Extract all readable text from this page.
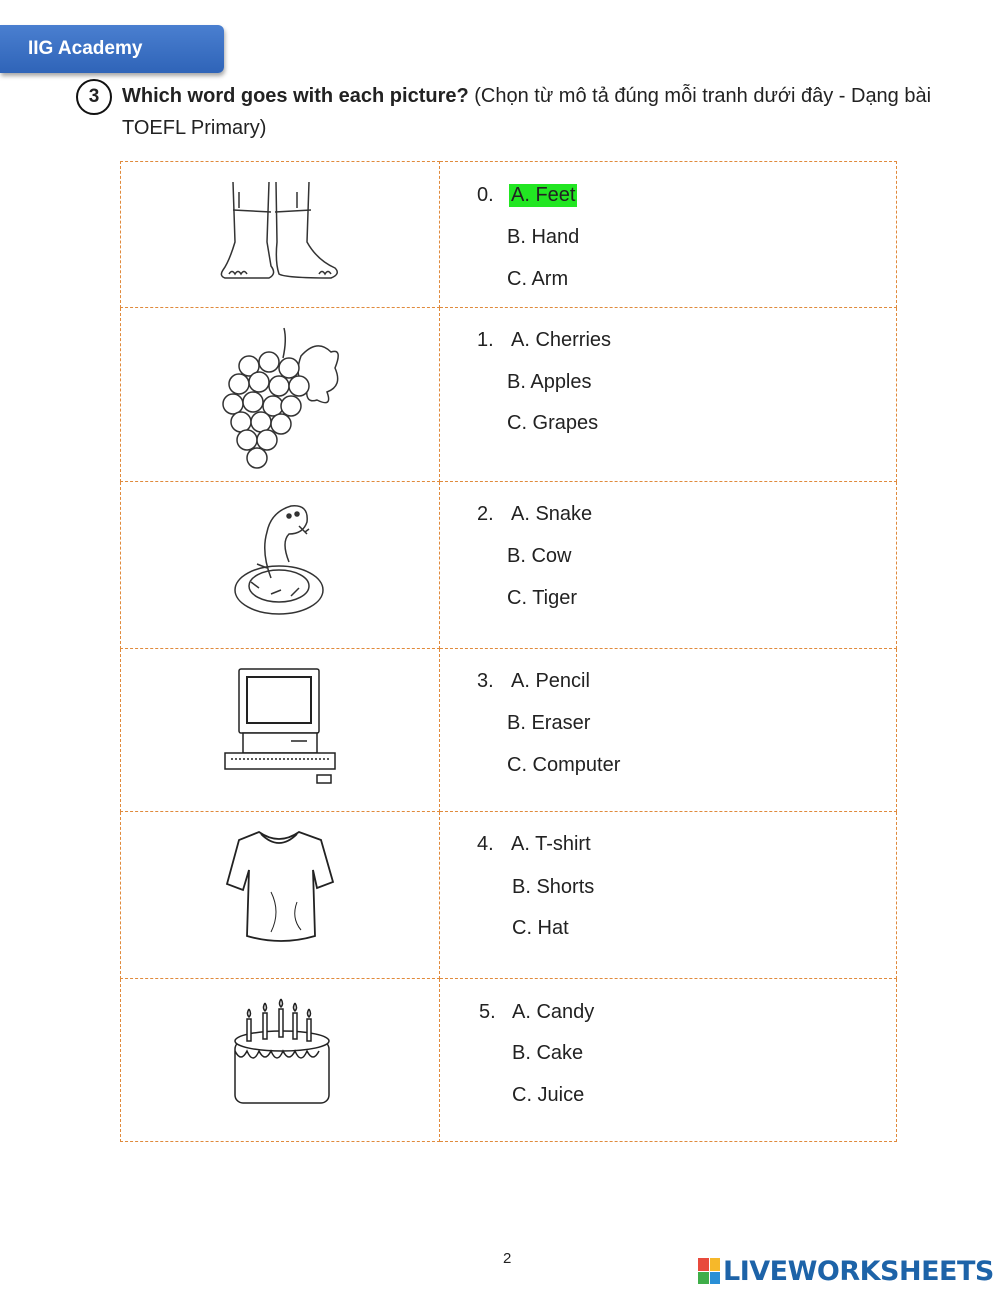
IIG Academy
3	Which word goes with each picture? (Chọn từ mô tả đúng mỗi tranh dưới đây - Dạng bài TOEFL Primary)

0. A. Feet
B. Hand
C. Arm

1. A. Cherries
B. Apples
C. Grapes

2. A. Snake
B. Cow
C. Tiger

3. A. Pencil
B. Eraser
C. Computer

4. A. T-shirt
B. Shorts
C. Hat

5. A. Candy
B. Cake
C. Juice
2	LIVEWORKSHEETS
